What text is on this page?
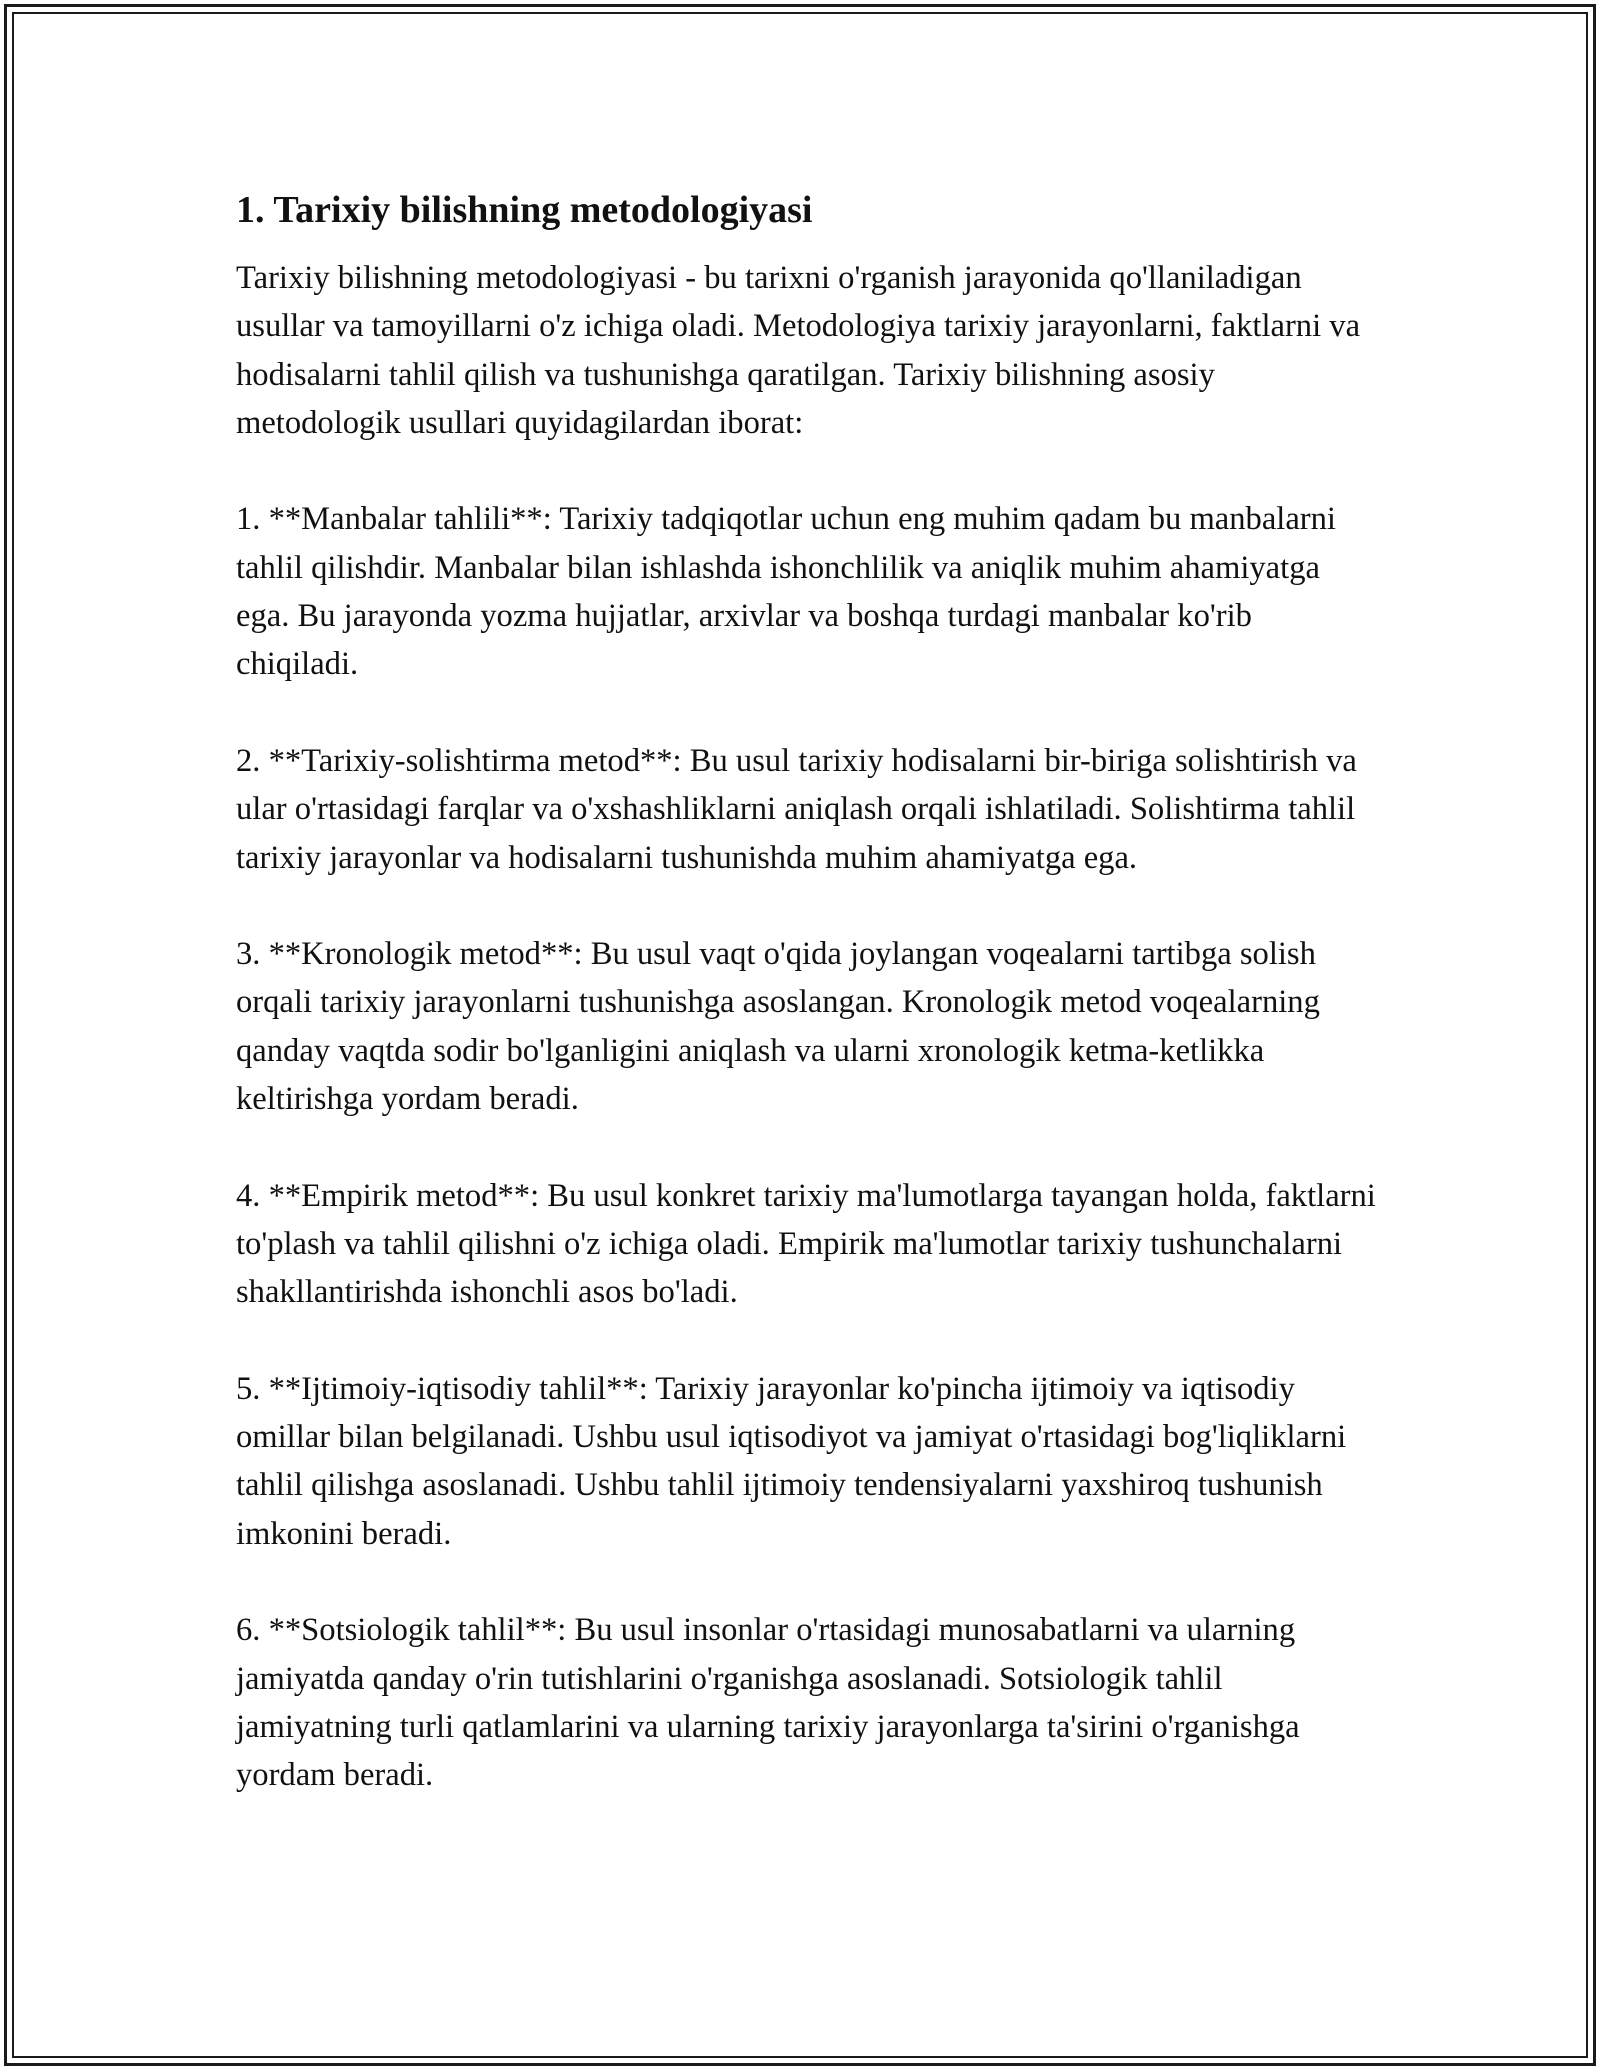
1. Tarixiy bilishning metodologiyasi

Tarixiy bilishning metodologiyasi - bu tarixni o'rganish jarayonida qo'llaniladigan usullar va tamoyillarni o'z ichiga oladi. Metodologiya tarixiy jarayonlarni, faktlarni va hodisalarni tahlil qilish va tushunishga qaratilgan. Tarixiy bilishning asosiy metodologik usullari quyidagilardan iborat:

1. **Manbalar tahlili**: Tarixiy tadqiqotlar uchun eng muhim qadam bu manbalarni tahlil qilishdir. Manbalar bilan ishlashda ishonchlilik va aniqlik muhim ahamiyatga ega. Bu jarayonda yozma hujjatlar, arxivlar va boshqa turdagi manbalar ko'rib chiqiladi.

2. **Tarixiy-solishtirma metod**: Bu usul tarixiy hodisalarni bir-biriga solishtirish va ular o'rtasidagi farqlar va o'xshashliklarni aniqlash orqali ishlatiladi. Solishtirma tahlil tarixiy jarayonlar va hodisalarni tushunishda muhim ahamiyatga ega.

3. **Kronologik metod**: Bu usul vaqt o'qida joylangan voqealarni tartibga solish orqali tarixiy jarayonlarni tushunishga asoslangan. Kronologik metod voqealarning qanday vaqtda sodir bo'lganligini aniqlash va ularni xronologik ketma-ketlikka keltirishga yordam beradi.

4. **Empirik metod**: Bu usul konkret tarixiy ma'lumotlarga tayangan holda, faktlarni to'plash va tahlil qilishni o'z ichiga oladi. Empirik ma'lumotlar tarixiy tushunchalarni shakllantirishda ishonchli asos bo'ladi.

5. **Ijtimoiy-iqtisodiy tahlil**: Tarixiy jarayonlar ko'pincha ijtimoiy va iqtisodiy omillar bilan belgilanadi. Ushbu usul iqtisodiyot va jamiyat o'rtasidagi bog'liqliklarni tahlil qilishga asoslanadi. Ushbu tahlil ijtimoiy tendensiyalarni yaxshiroq tushunish imkonini beradi.

6. **Sotsiologik tahlil**: Bu usul insonlar o'rtasidagi munosabatlarni va ularning jamiyatda qanday o'rin tutishlarini o'rganishga asoslanadi. Sotsiologik tahlil jamiyatning turli qatlamlarini va ularning tarixiy jarayonlarga ta'sirini o'rganishga yordam beradi.
